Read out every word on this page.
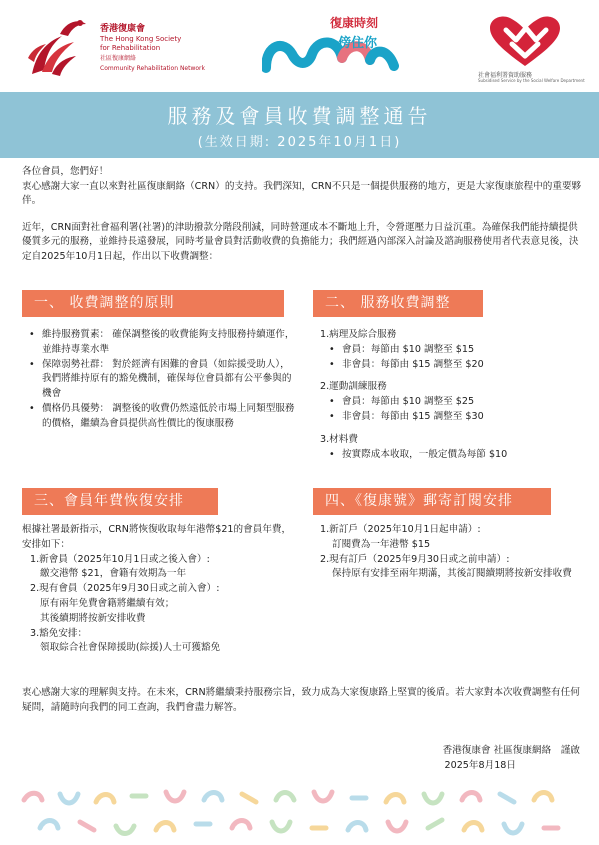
香港復康會
The Hong Kong Society
for Rehabilitation
社區復康網絡
Community Rehabilitation Network
復康時刻
傍住你
社會福利署資助服務
Subsidised Service by the Social Welfare Department
服務及會員收費調整通告
(生效日期: 2025年10月1日)
各位會員，您們好！

衷心感謝大家一直以來對社區復康網絡（CRN）的支持。我們深知，CRN不只是一個提供服務的地方，更是大家復康旅程中的重要夥伴。

近年，CRN面對社會福利署(社署)的津助撥款分階段削減，同時營運成本不斷地上升，令營運壓力日益沉重。為確保我們能持續提供優質多元的服務，並維持長遠發展，同時考量會員對活動收費的負擔能力；我們經過內部深入討論及諮詢服務使用者代表意見後，決定自2025年10月1日起，作出以下收費調整：

一、 收費調整的原則
• 維持服務質素： 確保調整後的收費能夠支持服務持續運作，並維持專業水準
• 保障弱勢社群： 對於經濟有困難的會員（如綜援受助人），我們將維持原有的豁免機制，確保每位會員都有公平參與的機會
• 價格仍具優勢： 調整後的收費仍然遠低於市場上同類型服務的價格，繼續為會員提供高性價比的復康服務
二、 服務收費調整
1.病理及綜合服務
• 會員：每節由 $10 調整至 $15
• 非會員：每節由 $15 調整至 $20
2.運動訓練服務
• 會員：每節由 $10 調整至 $25
• 非會員：每節由 $15 調整至 $30
3.材料費
• 按實際成本收取，一般定價為每節 $10
三、會員年費恢復安排
根據社署最新指示，CRN將恢復收取每年港幣$21的會員年費，安排如下：
1.新會員（2025年10月1日或之後入會）:
繳交港幣 $21，會籍有效期為一年
2.現有會員（2025年9月30日或之前入會）:
原有兩年免費會籍將繼續有效；
其後續期將按新安排收費
3.豁免安排：
領取綜合社會保障援助(綜援)人士可獲豁免
四、《復康號》郵寄訂閱安排
1.新訂戶（2025年10月1日起申請）:
訂閱費為一年港幣 $15
2.現有訂戶（2025年9月30日或之前申請）:
保持原有安排至兩年期滿，其後訂閱續期將按新安排收費
衷心感謝大家的理解與支持。在未來，CRN將繼續秉持服務宗旨，致力成為大家復康路上堅實的後盾。若大家對本次收費調整有任何疑問，請隨時向我們的同工查詢，我們會盡力解答。
香港復康會 社區復康網絡　謹啟
2025年8月18日
